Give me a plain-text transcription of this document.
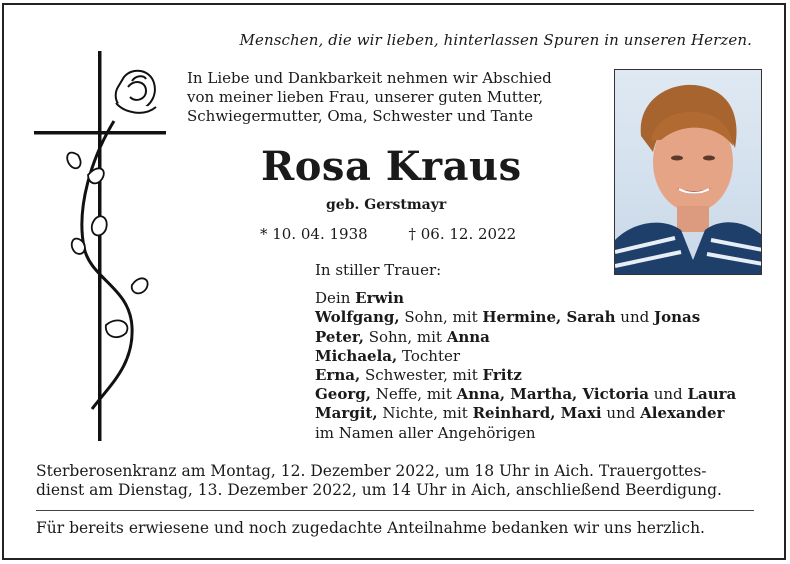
Menschen, die wir lieben, hinterlassen Spuren in unseren Herzen.
In Liebe und Dankbarkeit nehmen wir Abschied
von meiner lieben Frau, unserer guten Mutter,
Schwiegermutter, Oma, Schwester und Tante
Rosa Kraus
geb. Gerstmayr
* 10. 04. 1938	† 06. 12. 2022
In stiller Trauer:
Dein Erwin
Wolfgang, Sohn, mit Hermine, Sarah und Jonas
Peter, Sohn, mit Anna
Michaela, Tochter
Erna, Schwester, mit Fritz
Georg, Neffe, mit Anna, Martha, Victoria und Laura
Margit, Nichte, mit Reinhard, Maxi und Alexander
im Namen aller Angehörigen
Sterberosenkranz am Montag, 12. Dezember 2022, um 18 Uhr in Aich. Trauergottes-
dienst am Dienstag, 13. Dezember 2022, um 14 Uhr in Aich, anschließend Beerdigung.
Für bereits erwiesene und noch zugedachte Anteilnahme bedanken wir uns herzlich.
